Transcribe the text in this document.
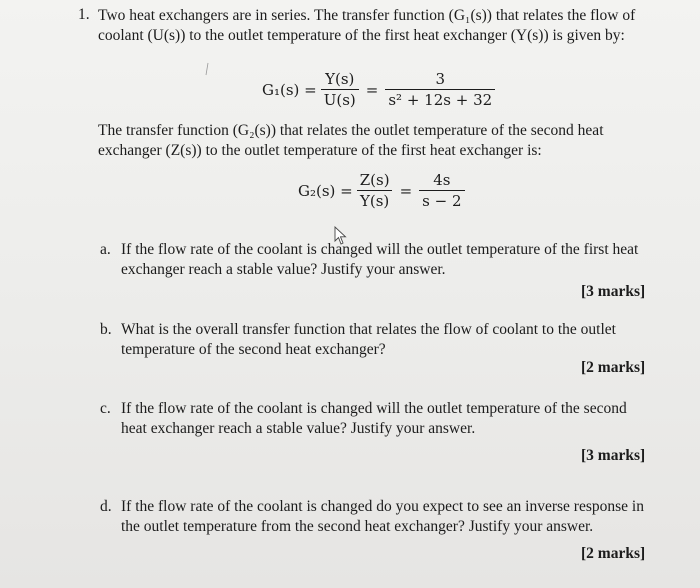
1. Two heat exchangers are in series. The transfer function (G₁(s)) that relates the flow of coolant (U(s)) to the outlet temperature of the first heat exchanger (Y(s)) is given by:

$G_1(s) = \frac{Y(s)}{U(s)} = \frac{3}{\text{s² + 12s + 32}}$

The transfer function (G₂(s)) that relates the outlet temperature of the second heat exchanger (Z(s)) to the outlet temperature of the first heat exchanger is:

$G_2(s) = \frac{Z(s)}{Y(s)} = \frac{4s}{s - 2}$
a. If the flow rate of the coolant is changed will the outlet temperature of the first heat exchanger reach a stable value? Justify your answer.
[3 marks]
b. What is the overall transfer function that relates the flow of coolant to the outlet temperature of the second heat exchanger?
[2 marks]
c. If the flow rate of the coolant is changed will the outlet temperature of the second heat exchanger reach a stable value? Justify your answer.
[3 marks]
d. If the flow rate of the coolant is changed do you expect to see an inverse response in the outlet temperature from the second heat exchanger? Justify your answer.
[2 marks]
